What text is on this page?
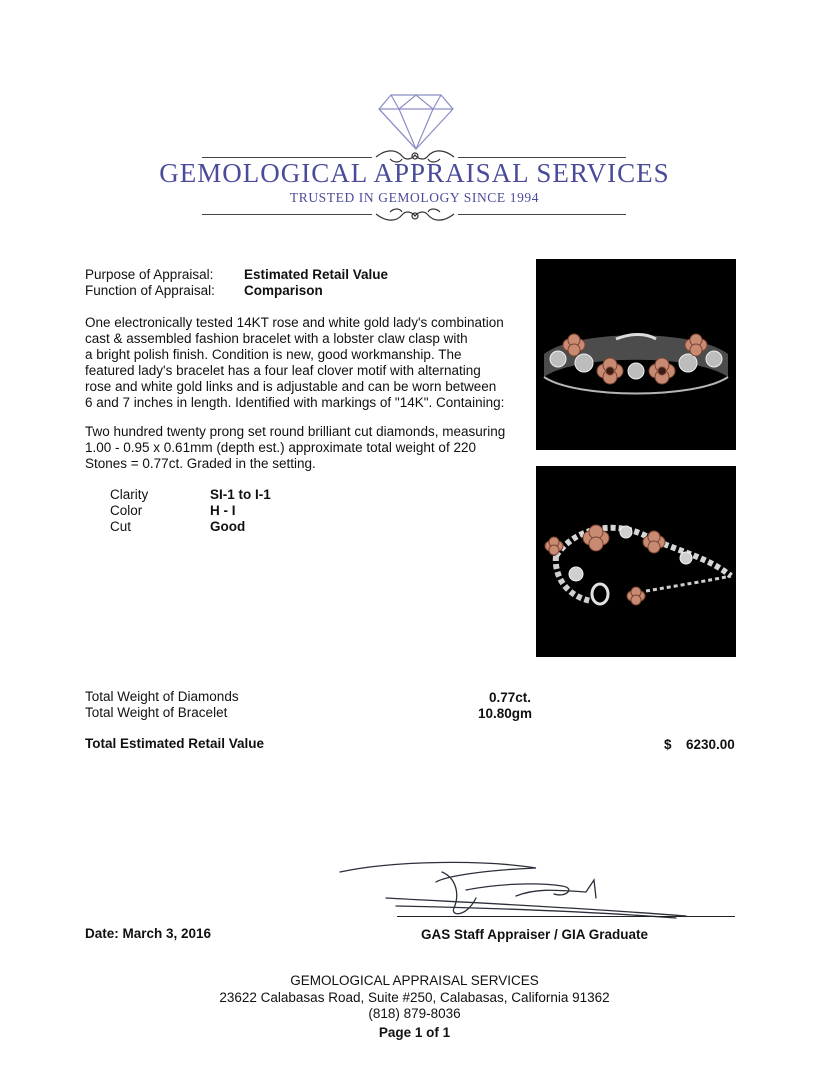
GEMOLOGICAL APPRAISAL SERVICES
TRUSTED IN GEMOLOGY SINCE 1994
Purpose of Appraisal: Estimated Retail Value
Function of Appraisal: Comparison
One electronically tested 14KT rose and white gold lady's combination
cast & assembled fashion bracelet with a lobster claw clasp with
a bright polish finish. Condition is new, good workmanship. The
featured lady's bracelet has a four leaf clover motif with alternating
rose and white gold links and is adjustable and can be worn between
6 and 7 inches in length. Identified with markings of "14K". Containing:
Two hundred twenty prong set round brilliant cut diamonds, measuring
1.00 - 0.95 x 0.61mm (depth est.) approximate total weight of 220
Stones = 0.77ct. Graded in the setting.
Clarity	SI-1 to I-1
Color	H - I
Cut	Good
Total Weight of Diamonds	0.77ct.
Total Weight of Bracelet	10.80gm
Total Estimated Retail Value	$ 6230.00
Date: March 3, 2016	GAS Staff Appraiser / GIA Graduate
GEMOLOGICAL APPRAISAL SERVICES
23622 Calabasas Road, Suite #250, Calabasas, California 91362
(818) 879-8036
Page 1 of 1
